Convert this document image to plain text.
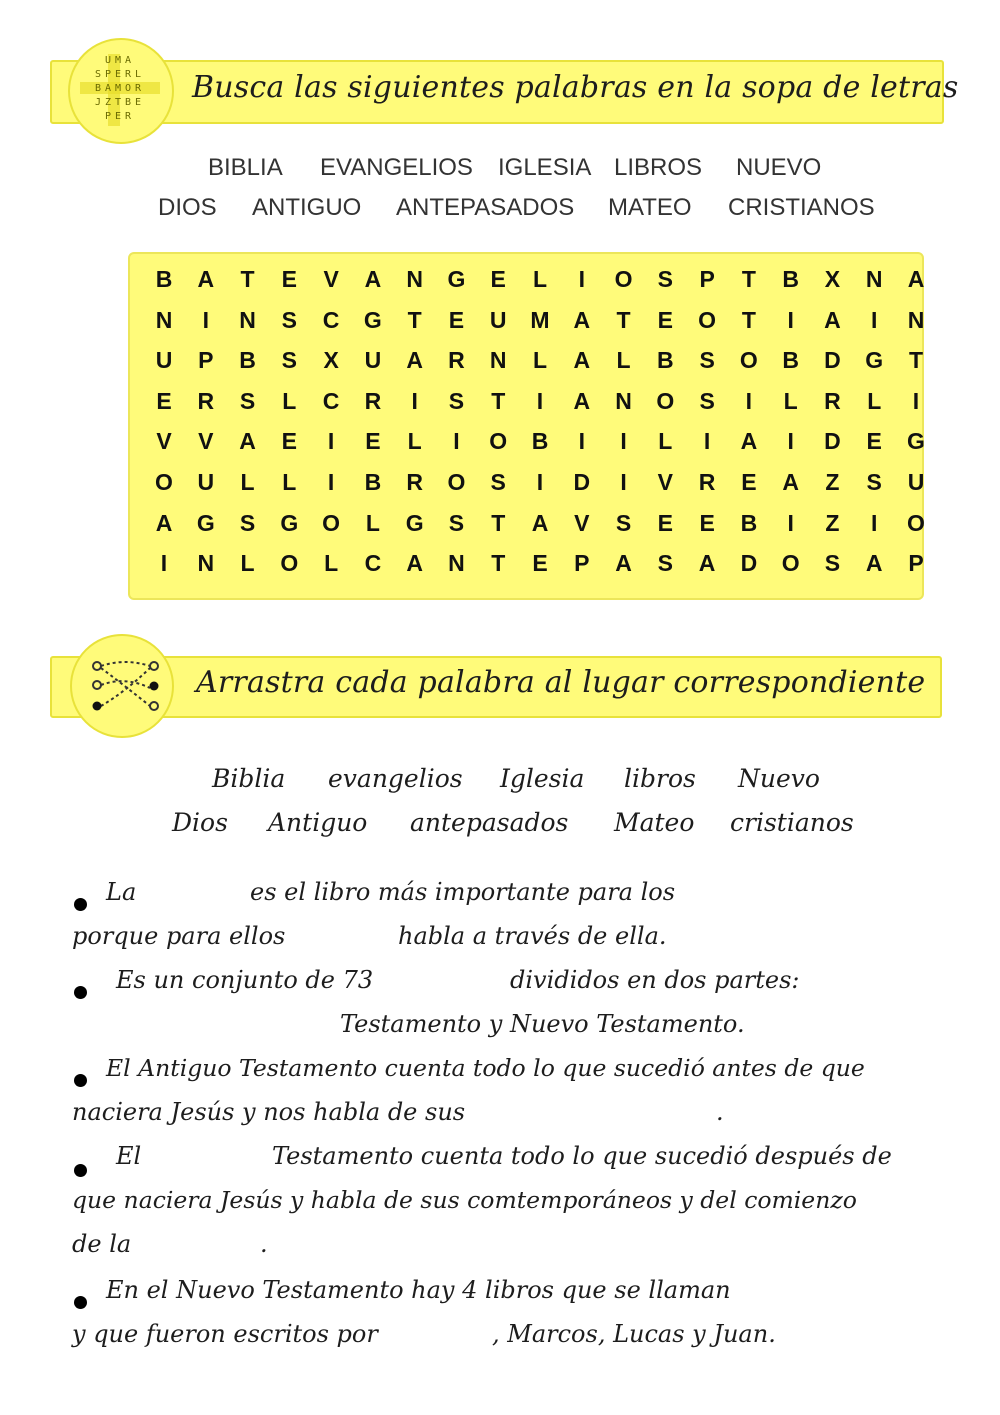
UMA
SPERL
BAMOR
JZTBE
PER
Busca las siguientes palabras en la sopa de letras
BIBLIA EVANGELIOS IGLESIA LIBROS NUEVO
DIOS ANTIGUO ANTEPASADOS MATEO CRISTIANOS
B	A	T	E	V	A	N	G	E	L	I	O	S	P	T	B	X	N	A
N	I	N	S	C	G	T	E	U	M	A	T	E	O	T	I	A	I	N
U	P	B	S	X	U	A	R	N	L	A	L	B	S	O	B	D	G	T
E	R	S	L	C	R	I	S	T	I	A	N	O	S	I	L	R	L	I
V	V	A	E	I	E	L	I	O	B	I	I	L	I	A	I	D	E	G
O	U	L	L	I	B	R	O	S	I	D	I	V	R	E	A	Z	S	U
A	G	S	G	O	L	G	S	T	A	V	S	E	E	B	I	Z	I	O
I	N	L	O	L	C	A	N	T	E	P	A	S	A	D	O	S	A	P
Arrastra cada palabra al lugar correspondiente
Biblia evangelios Iglesia libros Nuevo
Dios Antiguo antepasados Mateo cristianos
La	es el libro más importante para los
porque para ellos	habla a través de ella.
Es un conjunto de 73	divididos en dos partes:
Testamento y Nuevo Testamento.
El Antiguo Testamento cuenta todo lo que sucedió antes de que
naciera Jesús y nos habla de sus	.
El	Testamento cuenta todo lo que sucedió después de
que naciera Jesús y habla de sus comtemporáneos y del comienzo
de la	.
En el Nuevo Testamento hay 4 libros que se llaman
y que fueron escritos por	, Marcos, Lucas y Juan.
